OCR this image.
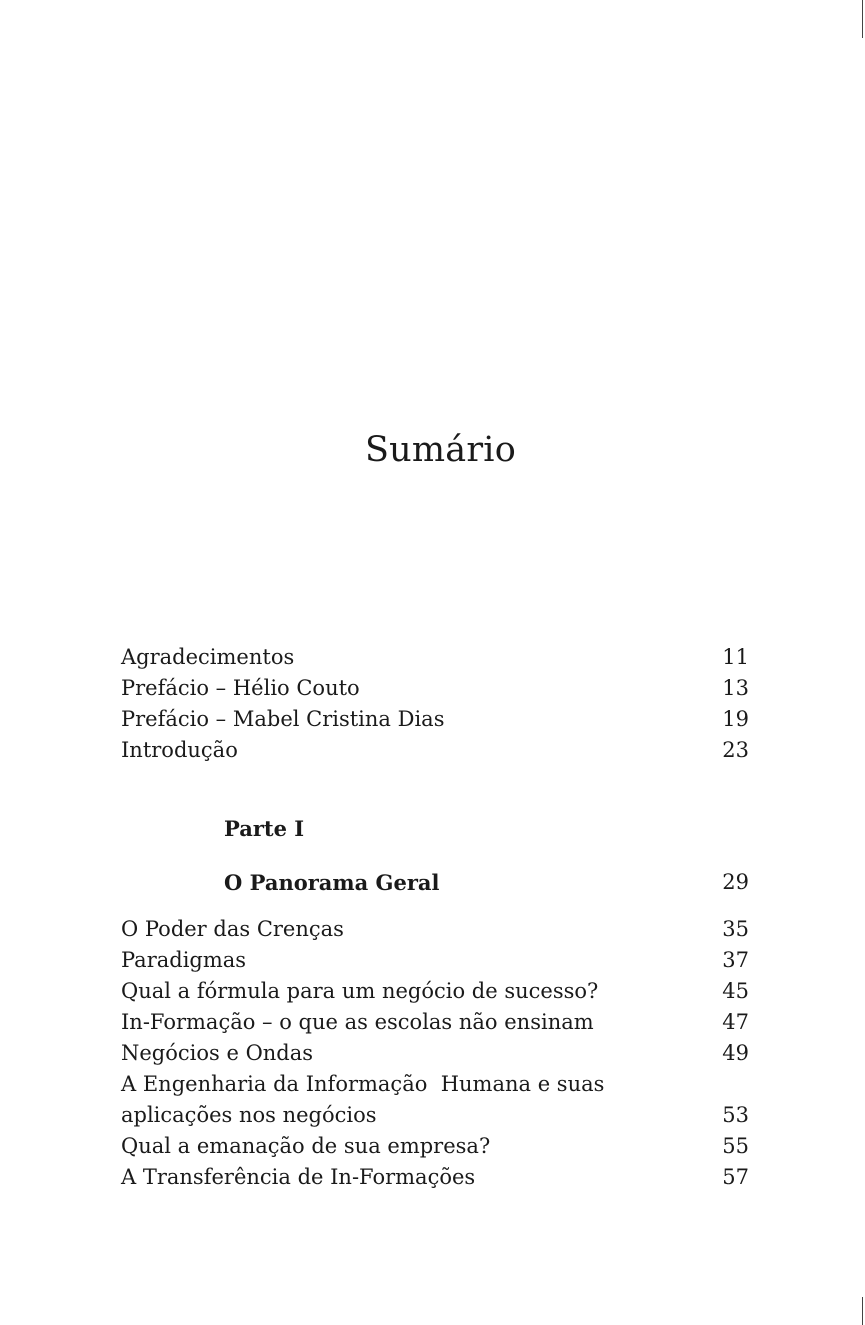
Sumário
Agradecimentos	11
Prefácio – Hélio Couto	13
Prefácio – Mabel Cristina Dias	19
Introdução	23
Parte I
O Panorama Geral	29
O Poder das Crenças	35
Paradigmas	37
Qual a fórmula para um negócio de sucesso?	45
In-Formação – o que as escolas não ensinam	47
Negócios e Ondas	49
A Engenharia da Informação  Humana e suas
aplicações nos negócios	53
Qual a emanação de sua empresa?	55
A Transferência de In-Formações	57
